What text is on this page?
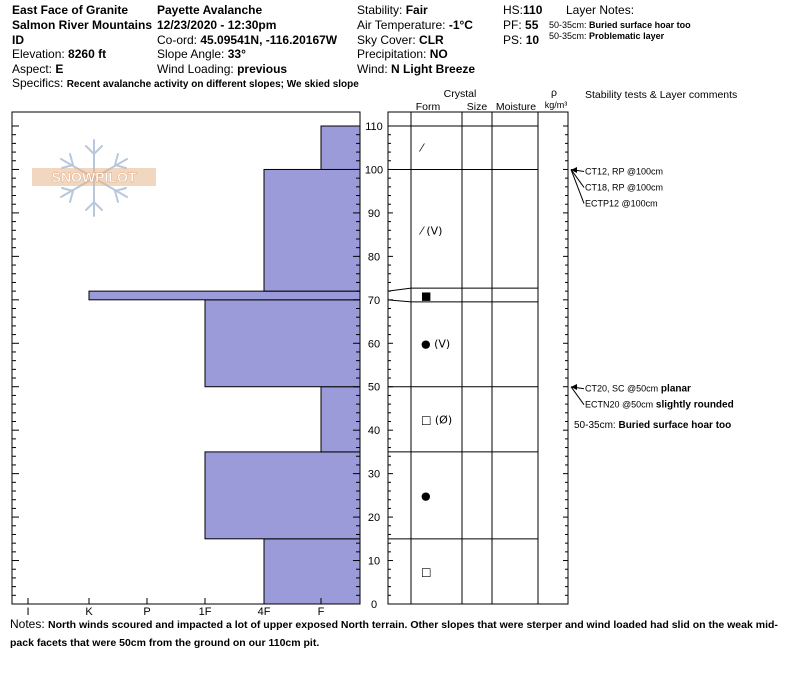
East Face of Granite
Salmon River Mountains
ID
Elevation: 8260 ft
Aspect: E
Specifics: Recent avalanche activity on different slopes; We skied slope
Payette Avalanche
12/23/2020 - 12:30pm
Co-ord: 45.09541N, -116.20167W
Slope Angle: 33°
Wind Loading: previous
Stability: Fair
Air Temperature: -1°C
Sky Cover: CLR
Precipitation: NO
Wind: N Light Breeze
HS:110
PF: 55
PS: 10
Layer Notes:
50-35cm: Buried surface hoar too
50-35cm: Problematic layer
SNOWPILOT
0
10
20
30
40
50
60
70
80
90
100
110
I	K	P	1F	4F	F
□
●
□ (Ø)
● (V)
■
⁄ (V)
⁄
CT20, SC @50cm planar
ECTN20 @50cm slightly rounded
CT12, RP @100cm
CT18, RP @100cm
ECTP12 @100cm
50-35cm: Buried surface hoar too
Crystal
Form	Size Moisture
ρ
kg/m³
Stability tests & Layer comments
Notes: North winds scoured and impacted a lot of upper exposed North terrain. Other slopes that were sterper and wind loaded had slid on the weak mid-pack facets that were 50cm from the ground on our 110cm pit.
